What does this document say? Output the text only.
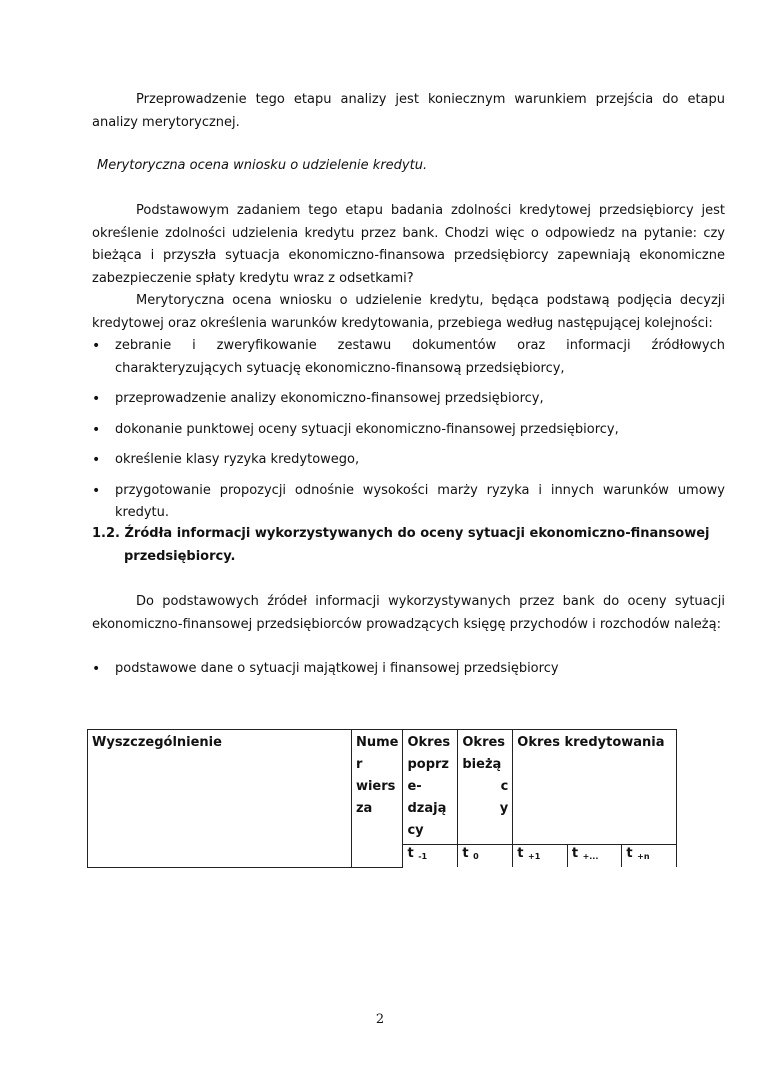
Przeprowadzenie tego etapu analizy jest koniecznym warunkiem przejścia do etapu analizy merytorycznej.

Merytoryczna ocena wniosku o udzielenie kredytu.

Podstawowym zadaniem tego etapu badania zdolności kredytowej przedsiębiorcy jest określenie zdolności udzielenia kredytu przez bank. Chodzi więc o odpowiedz na pytanie: czy bieżąca i przyszła sytuacja ekonomiczno-finansowa przedsiębiorcy zapewniają ekonomiczne zabezpieczenie spłaty kredytu wraz z odsetkami?

Merytoryczna ocena wniosku o udzielenie kredytu, będąca podstawą podjęcia decyzji kredytowej oraz określenia warunków kredytowania, przebiega według następującej kolejności:

• zebranie i zweryfikowanie zestawu dokumentów oraz informacji źródłowych charakteryzujących sytuację ekonomiczno-finansową przedsiębiorcy,
• przeprowadzenie analizy ekonomiczno-finansowej przedsiębiorcy,
• dokonanie punktowej oceny sytuacji ekonomiczno-finansowej przedsiębiorcy,
• określenie klasy ryzyka kredytowego,
• przygotowanie propozycji odnośnie wysokości marży ryzyka i innych warunków umowy kredytu.
1.2. Źródła informacji wykorzystywanych do oceny sytuacji ekonomiczno-finansowej
przedsiębiorcy.

Do podstawowych źródeł informacji wykorzystywanych przez bank do oceny sytuacji ekonomiczno-finansowej przedsiębiorców prowadzących księgę przychodów i rozchodów należą:

• podstawowe dane o sytuacji majątkowej i finansowej przedsiębiorcy
Wyszczególnienie	Nume
r
wiers
za	Okres
poprz
e-
dzają
cy	Okres
bieżą

c
y	Okres kredytowania		
		t $_{-1}$	t $_0$	t $_{+1}$	t $_{+...}$	t $_{+n}$
2
